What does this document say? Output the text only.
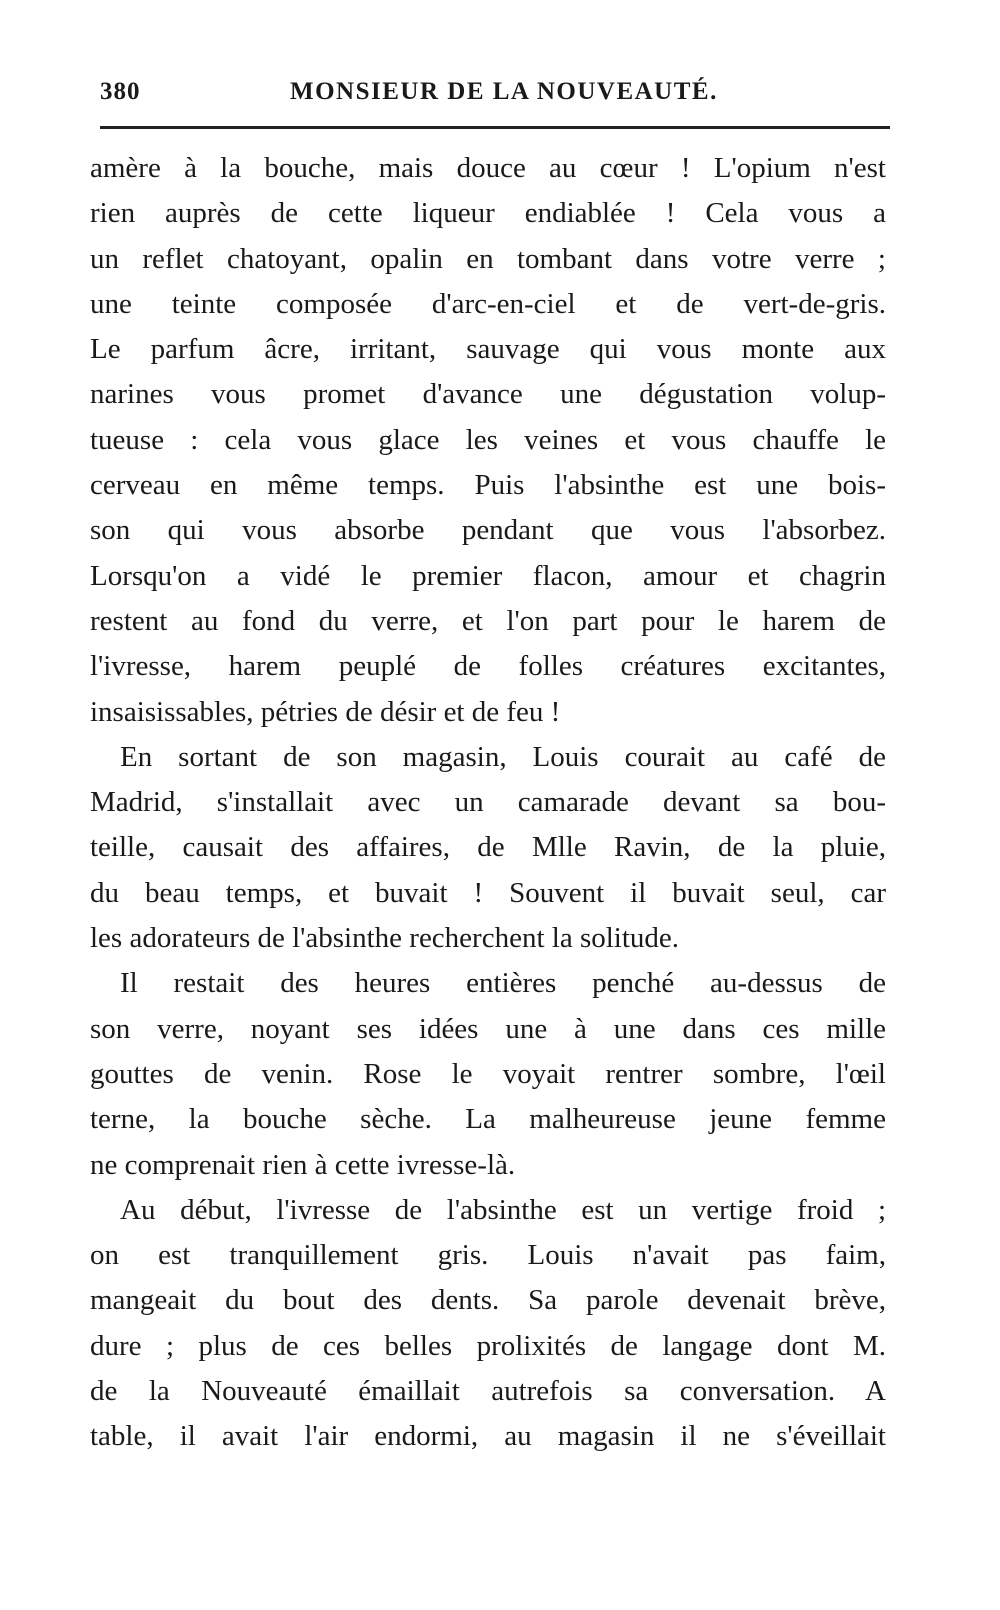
380	MONSIEUR DE LA NOUVEAUTÉ.
amère à la bouche, mais douce au cœur ! L'opium n'est
rien auprès de cette liqueur endiablée ! Cela vous a
un reflet chatoyant, opalin en tombant dans votre verre ;
une teinte composée d'arc-en-ciel et de vert-de-gris.
Le parfum âcre, irritant, sauvage qui vous monte aux
narines vous promet d'avance une dégustation volup-
tueuse : cela vous glace les veines et vous chauffe le
cerveau en même temps. Puis l'absinthe est une bois-
son qui vous absorbe pendant que vous l'absorbez.
Lorsqu'on a vidé le premier flacon, amour et chagrin
restent au fond du verre, et l'on part pour le harem de
l'ivresse, harem peuplé de folles créatures excitantes,
insaisissables, pétries de désir et de feu !
En sortant de son magasin, Louis courait au café de
Madrid, s'installait avec un camarade devant sa bou-
teille, causait des affaires, de Mlle Ravin, de la pluie,
du beau temps, et buvait ! Souvent il buvait seul, car
les adorateurs de l'absinthe recherchent la solitude.
Il restait des heures entières penché au-dessus de
son verre, noyant ses idées une à une dans ces mille
gouttes de venin. Rose le voyait rentrer sombre, l'œil
terne, la bouche sèche. La malheureuse jeune femme
ne comprenait rien à cette ivresse-là.
Au début, l'ivresse de l'absinthe est un vertige froid ;
on est tranquillement gris. Louis n'avait pas faim,
mangeait du bout des dents. Sa parole devenait brève,
dure ; plus de ces belles prolixités de langage dont M.
de la Nouveauté émaillait autrefois sa conversation. A
table, il avait l'air endormi, au magasin il ne s'éveillait
